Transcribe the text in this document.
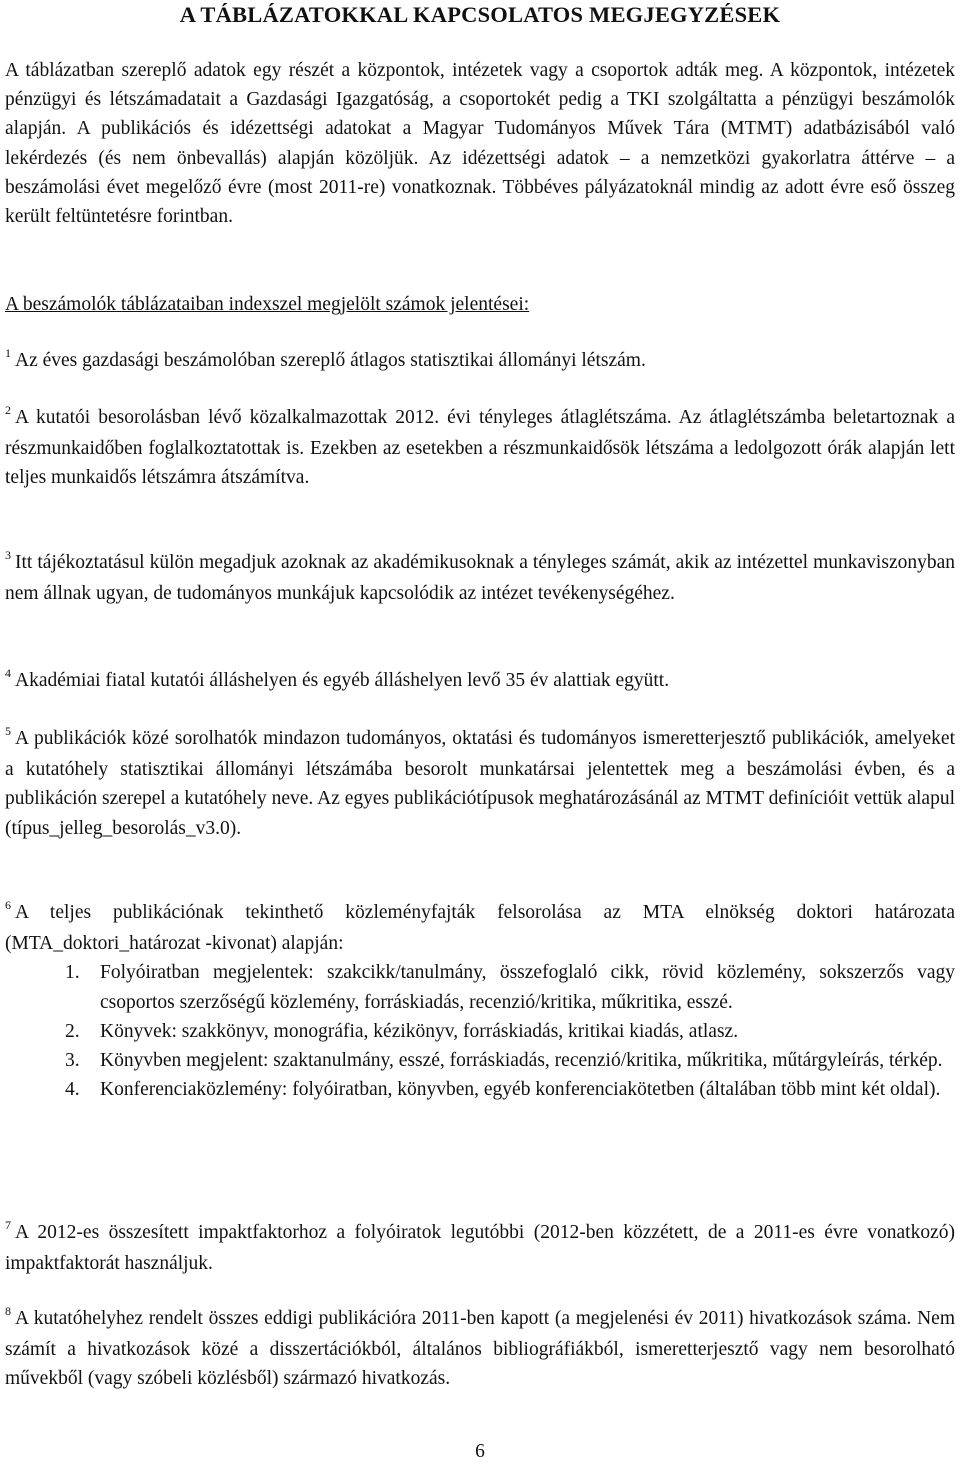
A TÁBLÁZATOKKAL KAPCSOLATOS MEGJEGYZÉSEK
A táblázatban szereplő adatok egy részét a központok, intézetek vagy a csoportok adták meg. A központok, intézetek pénzügyi és létszámadatait a Gazdasági Igazgatóság, a csoportokét pedig a TKI szolgáltatta a pénzügyi beszámolók alapján. A publikációs és idézettségi adatokat a Magyar Tudományos Művek Tára (MTMT) adatbázisából való lekérdezés (és nem önbevallás) alapján közöljük. Az idézettségi adatok – a nemzetközi gyakorlatra áttérve – a beszámolási évet megelőző évre (most 2011-re) vonatkoznak. Többéves pályázatoknál mindig az adott évre eső összeg került feltüntetésre forintban.
A beszámolók táblázataiban indexszel megjelölt számok jelentései:
$^1$ Az éves gazdasági beszámolóban szereplő átlagos statisztikai állományi létszám.
$^2$ A kutatói besorolásban lévő közalkalmazottak 2012. évi tényleges átlaglétszáma. Az átlaglétszámba beletartoznak a részmunkaidőben foglalkoztatottak is. Ezekben az esetekben a részmunkaidősök létszáma a ledolgozott órák alapján lett teljes munkaidős létszámra átszámítva.
$^3$ Itt tájékoztatásul külön megadjuk azoknak az akadémikusoknak a tényleges számát, akik az intézettel munkaviszonyban nem állnak ugyan, de tudományos munkájuk kapcsolódik az intézet tevékenységéhez.
$^4$ Akadémiai fiatal kutatói álláshelyen és egyéb álláshelyen levő 35 év alattiak együtt.
$^5$ A publikációk közé sorolhatók mindazon tudományos, oktatási és tudományos ismeretterjesztő publikációk, amelyeket a kutatóhely statisztikai állományi létszámába besorolt munkatársai jelentettek meg a beszámolási évben, és a publikáción szerepel a kutatóhely neve. Az egyes publikációtípusok meghatározásánál az MTMT definícióit vettük alapul (típus_jelleg_besorolás_v3.0).
$^6$ A teljes publikációnak tekinthető közleményfajták felsorolása az MTA elnökség doktori határozata (MTA_doktori_határozat -kivonat) alapján:
1. Folyóiratban megjelentek: szakcikk/tanulmány, összefoglaló cikk, rövid közlemény, sokszerzős vagy csoportos szerzőségű közlemény, forráskiadás, recenzió/kritika, műkritika, esszé.
2. Könyvek: szakkönyv, monográfia, kézikönyv, forráskiadás, kritikai kiadás, atlasz.
3. Könyvben megjelent: szaktanulmány, esszé, forráskiadás, recenzió/kritika, műkritika, műtárgyleírás, térkép.
4. Konferenciaközlemény: folyóiratban, könyvben, egyéb konferenciakötetben (általában több mint két oldal).
$^7$ A 2012-es összesített impaktfaktorhoz a folyóiratok legutóbbi (2012-ben közzétett, de a 2011-es évre vonatkozó) impaktfaktorát használjuk.
$^8$ A kutatóhelyhez rendelt összes eddigi publikációra 2011-ben kapott (a megjelenési év 2011) hivatkozások száma. Nem számít a hivatkozások közé a disszertációkból, általános bibliográfiákból, ismeretterjesztő vagy nem besorolható művekből (vagy szóbeli közlésből) származó hivatkozás.
6
